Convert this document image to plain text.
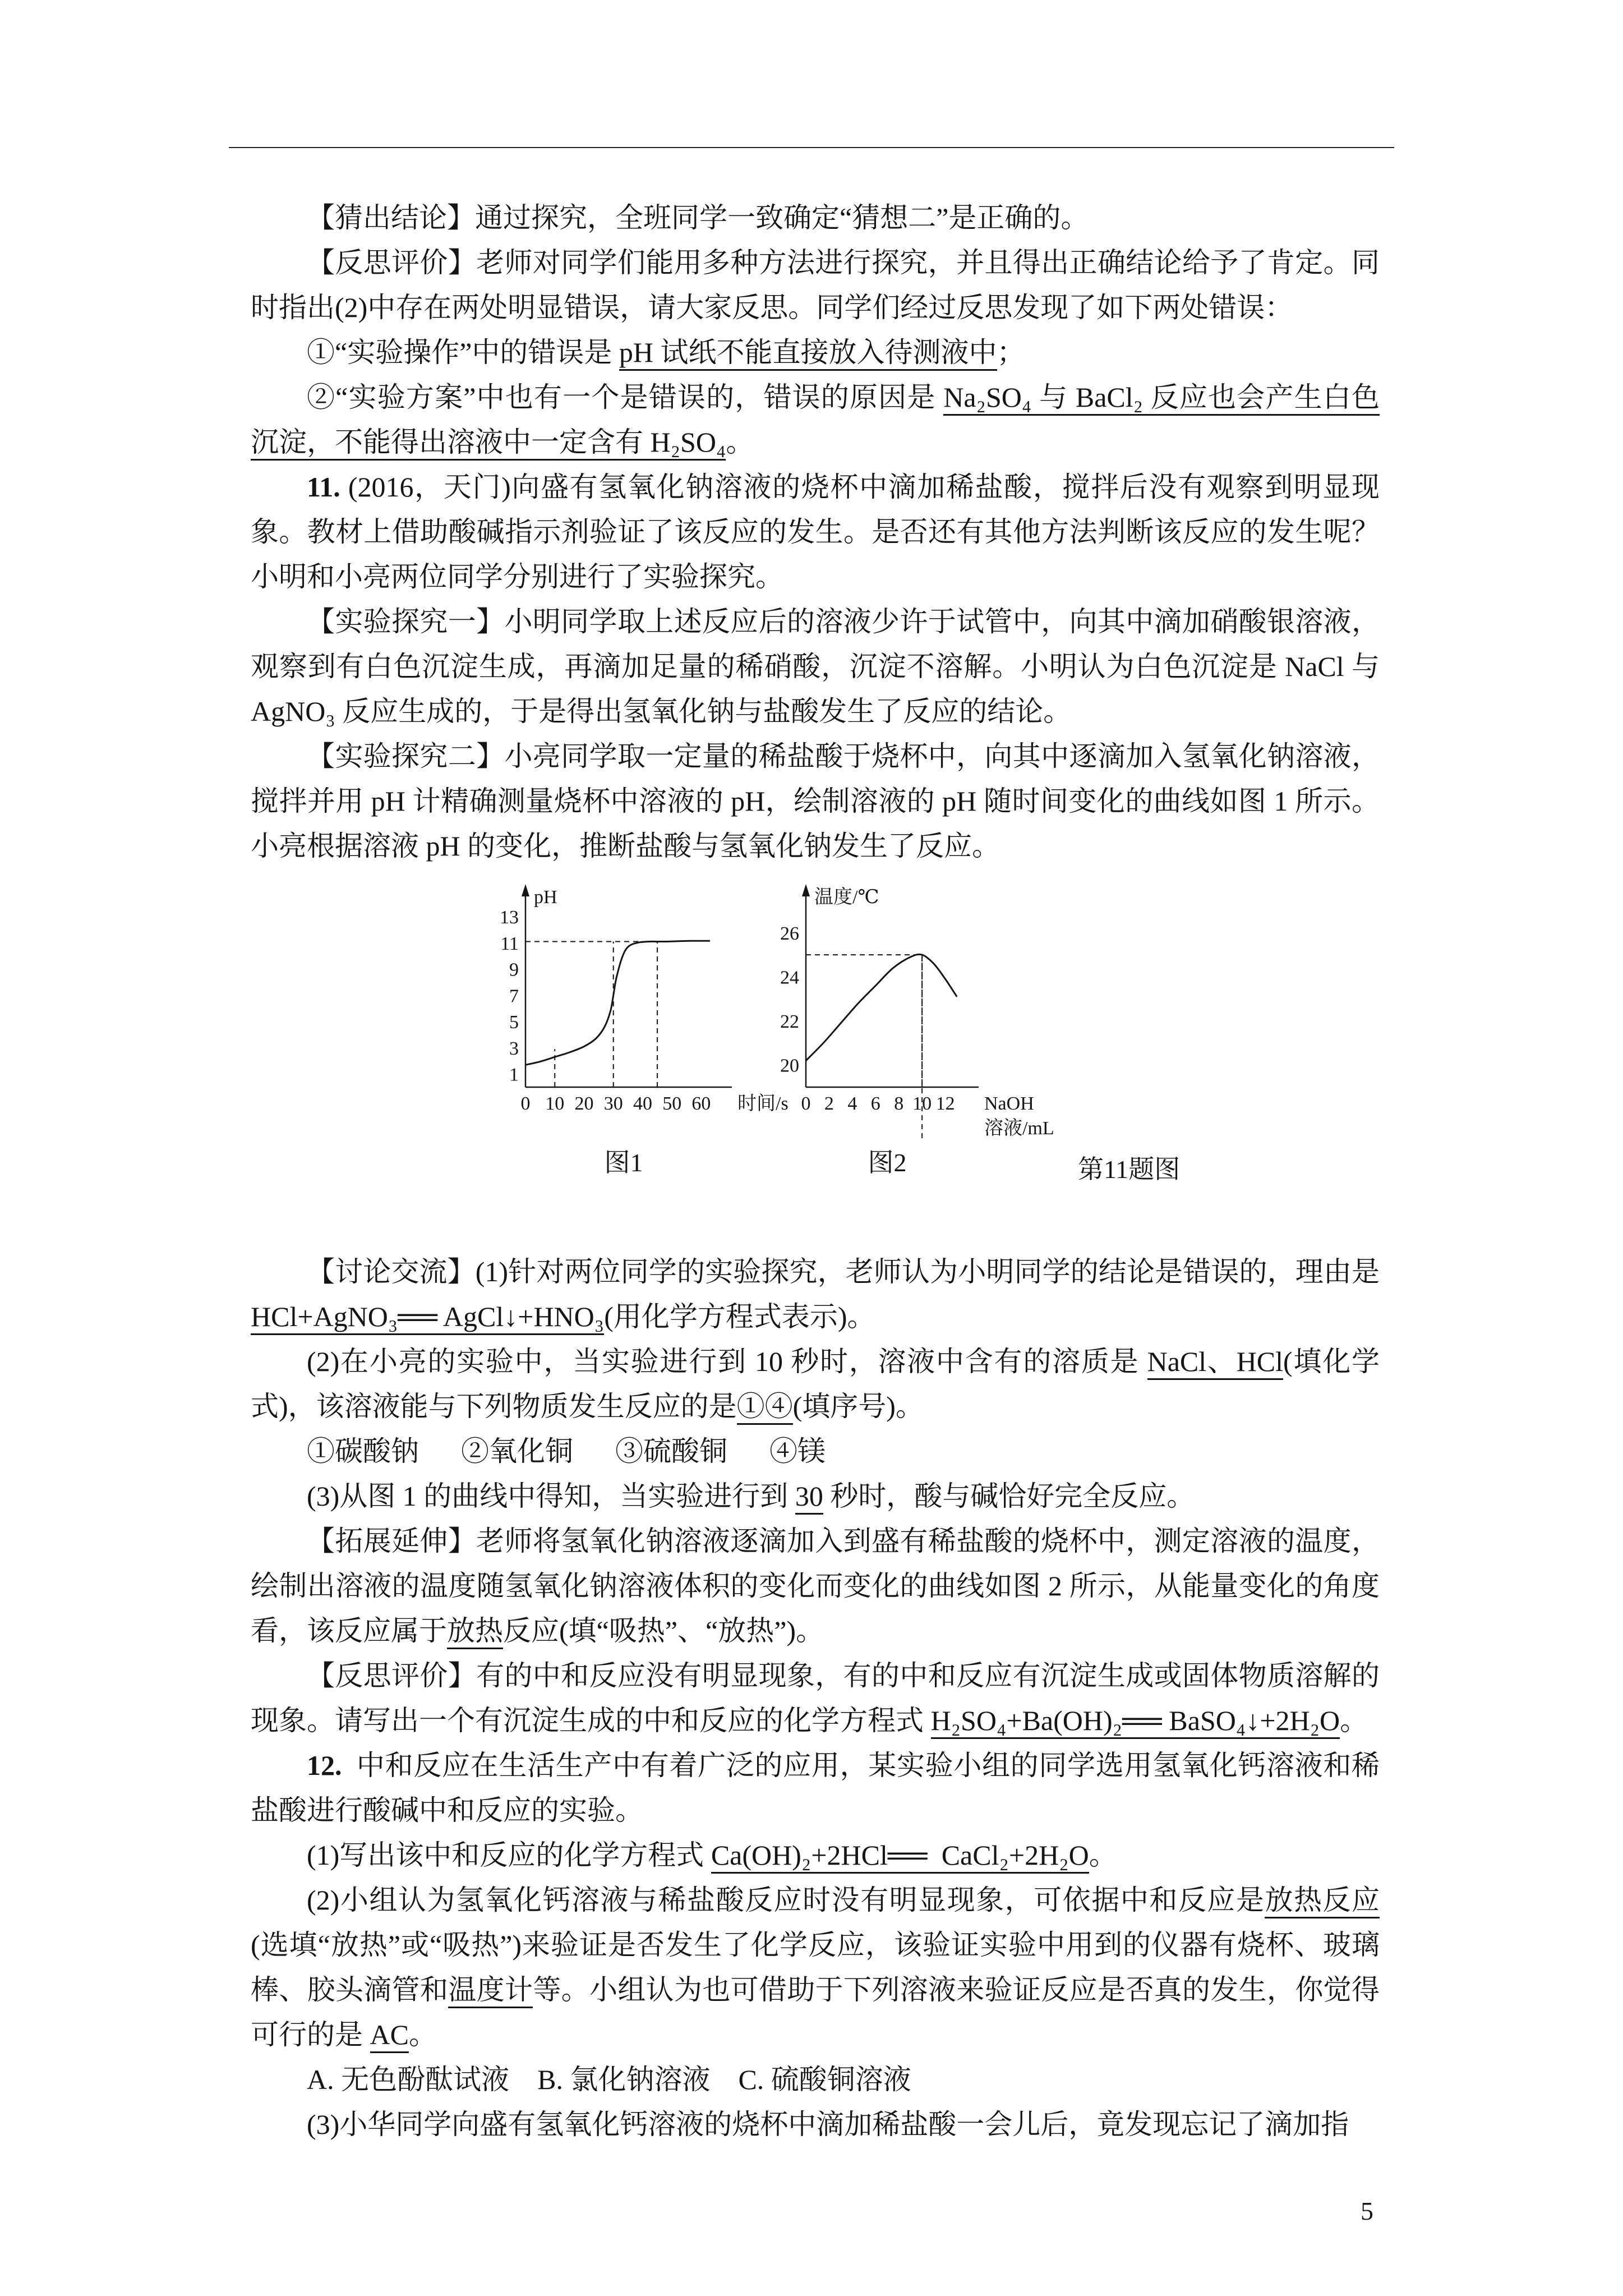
【猜出结论】通过探究，全班同学一致确定“猜想二”是正确的。

【反思评价】老师对同学们能用多种方法进行探究，并且得出正确结论给予了肯定。同时指出(2)中存在两处明显错误，请大家反思。同学们经过反思发现了如下两处错误：

①“实验操作”中的错误是 pH 试纸不能直接放入待测液中；

②“实验方案”中也有一个是错误的，错误的原因是 Na₂SO₄ 与 BaCl₂ 反应也会产生白色沉淀，不能得出溶液中一定含有 H₂SO₄。

11. (2016，天门)向盛有氢氧化钠溶液的烧杯中滴加稀盐酸，搅拌后没有观察到明显现象。教材上借助酸碱指示剂验证了该反应的发生。是否还有其他方法判断该反应的发生呢？小明和小亮两位同学分别进行了实验探究。

【实验探究一】小明同学取上述反应后的溶液少许于试管中，向其中滴加硝酸银溶液，观察到有白色沉淀生成，再滴加足量的稀硝酸，沉淀不溶解。小明认为白色沉淀是 NaCl 与 AgNO₃ 反应生成的，于是得出氢氧化钠与盐酸发生了反应的结论。

【实验探究二】小亮同学取一定量的稀盐酸于烧杯中，向其中逐滴加入氢氧化钠溶液，搅拌并用 pH 计精确测量烧杯中溶液的 pH，绘制溶液的 pH 随时间变化的曲线如图 1 所示。小亮根据溶液 pH 的变化，推断盐酸与氢氧化钠发生了反应。

0 10 20 30 40 50 60
1
3
5
7
9
11
13
时间/s
pH
0 2 4 6 8 10 12
20
22
24
26
NaOH
溶液/mL
温度/℃
图1	图2	第11题图

【讨论交流】(1)针对两位同学的实验探究，老师认为小明同学的结论是错误的，理由是 HCl+AgNO₃══ AgCl↓+HNO₃(用化学方程式表示)。

(2)在小亮的实验中，当实验进行到 10 秒时，溶液中含有的溶质是 NaCl、HCl(填化学式)，该溶液能与下列物质发生反应的是①④(填序号)。

①碳酸钠      ②氧化铜      ③硫酸铜      ④镁

(3)从图 1 的曲线中得知，当实验进行到 30 秒时，酸与碱恰好完全反应。

【拓展延伸】老师将氢氧化钠溶液逐滴加入到盛有稀盐酸的烧杯中，测定溶液的温度，绘制出溶液的温度随氢氧化钠溶液体积的变化而变化的曲线如图 2 所示，从能量变化的角度看，该反应属于放热反应(填“吸热”、“放热”)。

【反思评价】有的中和反应没有明显现象，有的中和反应有沉淀生成或固体物质溶解的现象。请写出一个有沉淀生成的中和反应的化学方程式 H₂SO₄+Ba(OH)₂══ BaSO₄↓+2H₂O。

12.  中和反应在生活生产中有着广泛的应用，某实验小组的同学选用氢氧化钙溶液和稀盐酸进行酸碱中和反应的实验。

(1)写出该中和反应的化学方程式 Ca(OH)₂+2HCl══  CaCl₂+2H₂O。

(2)小组认为氢氧化钙溶液与稀盐酸反应时没有明显现象，可依据中和反应是放热反应(选填“放热”或“吸热”)来验证是否发生了化学反应，该验证实验中用到的仪器有烧杯、玻璃棒、胶头滴管和温度计等。小组认为也可借助于下列溶液来验证反应是否真的发生，你觉得可行的是 AC。

A. 无色酚酞试液    B. 氯化钠溶液    C. 硫酸铜溶液

(3)小华同学向盛有氢氧化钙溶液的烧杯中滴加稀盐酸一会儿后，竟发现忘记了滴加指

5
